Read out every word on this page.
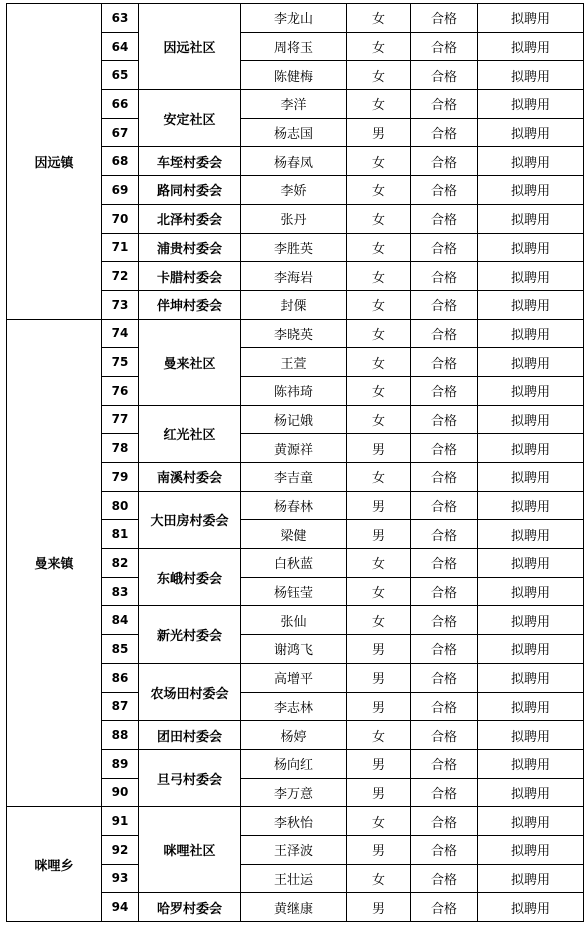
因远镇	63	因远社区	李龙山	女	合格	拟聘用
	64		周将玉	女	合格	拟聘用
	65		陈健梅	女	合格	拟聘用
	66	安定社区	李洋	女	合格	拟聘用
	67		杨志国	男	合格	拟聘用
	68	车垤村委会	杨春凤	女	合格	拟聘用
	69	路同村委会	李娇	女	合格	拟聘用
	70	北泽村委会	张丹	女	合格	拟聘用
	71	浦贵村委会	李胜英	女	合格	拟聘用
	72	卡腊村委会	李海岩	女	合格	拟聘用
	73	伴坤村委会	封傈	女	合格	拟聘用
曼来镇	74	曼来社区	李晓英	女	合格	拟聘用
	75		王萱	女	合格	拟聘用
	76		陈祎琦	女	合格	拟聘用
	77	红光社区	杨记娥	女	合格	拟聘用
	78		黄源祥	男	合格	拟聘用
	79	南溪村委会	李吉童	女	合格	拟聘用
	80	大田房村委会	杨春林	男	合格	拟聘用
	81		梁健	男	合格	拟聘用
	82	东峨村委会	白秋蓝	女	合格	拟聘用
	83		杨钰莹	女	合格	拟聘用
	84	新光村委会	张仙	女	合格	拟聘用
	85		谢鸿飞	男	合格	拟聘用
	86	农场田村委会	高增平	男	合格	拟聘用
	87		李志林	男	合格	拟聘用
	88	团田村委会	杨婷	女	合格	拟聘用
	89	旦弓村委会	杨向红	男	合格	拟聘用
	90		李万意	男	合格	拟聘用
咪哩乡	91	咪哩社区	李秋怡	女	合格	拟聘用
	92		王泽波	男	合格	拟聘用
	93		王壮运	女	合格	拟聘用
	94	哈罗村委会	黄继康	男	合格	拟聘用
